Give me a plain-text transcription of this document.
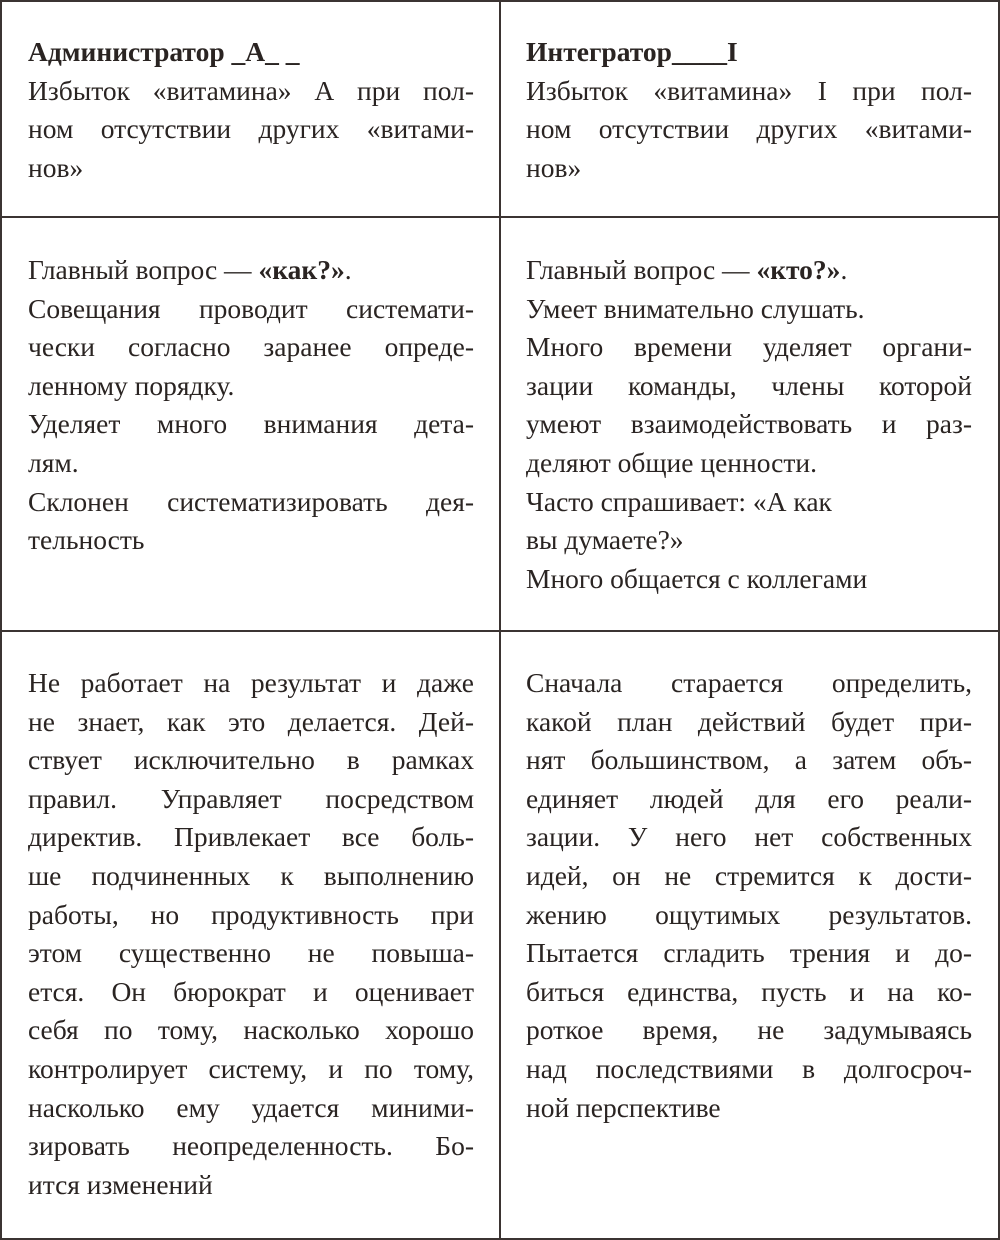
Администратор _А_ _
Избыток «витамина» А при пол-
ном отсутствии других «витами-
нов»
Интегратор____I
Избыток «витамина» I при пол-
ном отсутствии других «витами-
нов»
Главный вопрос — «как?».
Совещания проводит системати-
чески согласно заранее опреде-
ленному порядку.
Уделяет много внимания дета-
лям.
Склонен систематизировать дея-
тельность
Главный вопрос — «кто?».
Умеет внимательно слушать.
Много времени уделяет органи-
зации команды, члены которой
умеют взаимодействовать и раз-
деляют общие ценности.
Часто спрашивает: «А как
вы думаете?»
Много общается с коллегами
Не работает на результат и даже
не знает, как это делается. Дей-
ствует исключительно в рамках
правил. Управляет посредством
директив. Привлекает все боль-
ше подчиненных к выполнению
работы, но продуктивность при
этом существенно не повыша-
ется. Он бюрократ и оценивает
себя по тому, насколько хорошо
контролирует систему, и по тому,
насколько ему удается миними-
зировать неопределенность. Бо-
ится изменений
Сначала старается определить,
какой план действий будет при-
нят большинством, а затем объ-
единяет людей для его реали-
зации. У него нет собственных
идей, он не стремится к дости-
жению ощутимых результатов.
Пытается сгладить трения и до-
биться единства, пусть и на ко-
роткое время, не задумываясь
над последствиями в долгосроч-
ной перспективе
